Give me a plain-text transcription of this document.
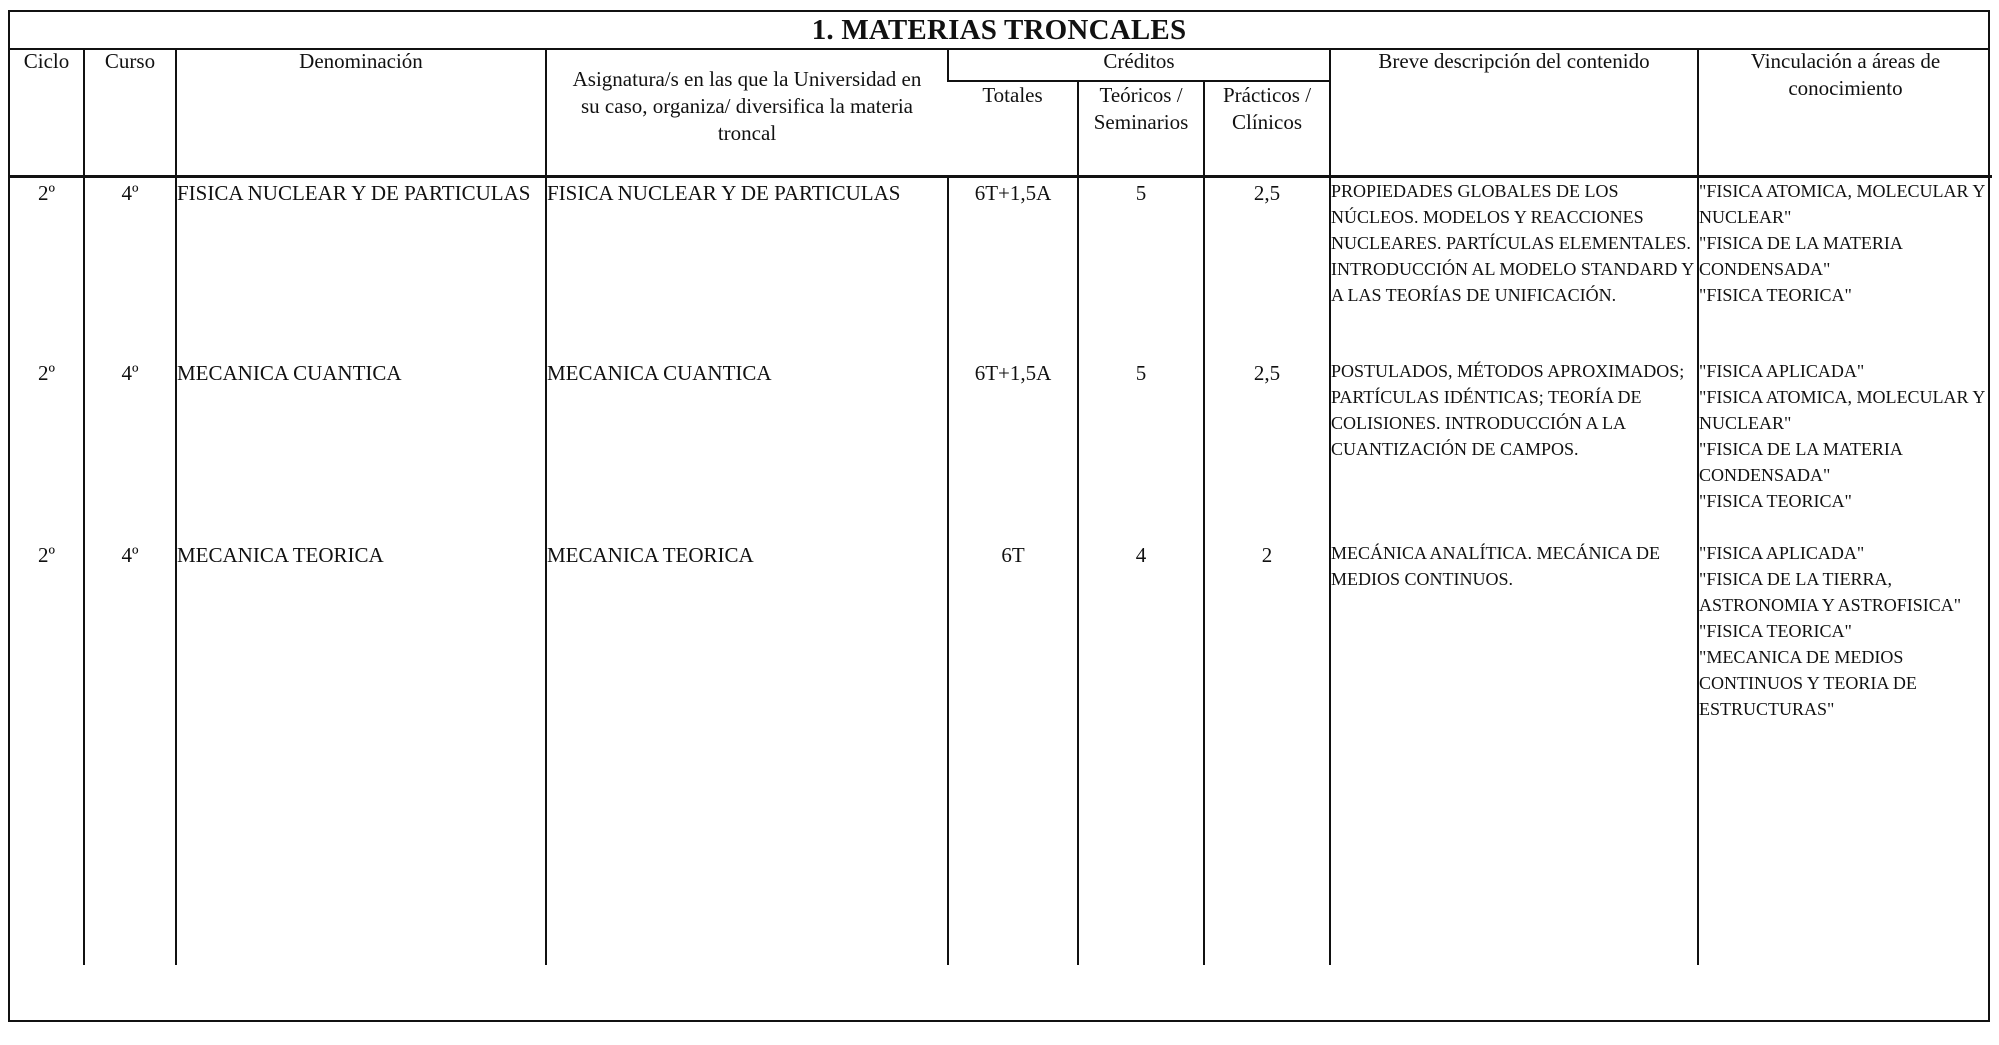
1. MATERIAS TRONCALES
Ciclo	Curso	Denominación	Asignatura/s en las que la Universidad en su caso, organiza/ diversifica la materia troncal	Créditos			Breve descripción del contenido	Vinculación a áreas de conocimiento
				Totales	Teóricos / Seminarios	Prácticos / Clínicos		
2º	4º	FISICA NUCLEAR Y DE PARTICULAS	FISICA NUCLEAR Y DE PARTICULAS	6T+1,5A	5	2,5	PROPIEDADES GLOBALES DE LOS NÚCLEOS. MODELOS Y REACCIONES NUCLEARES. PARTÍCULAS ELEMENTALES. INTRODUCCIÓN AL MODELO STANDARD Y A LAS TEORÍAS DE UNIFICACIÓN.	"FISICA ATOMICA, MOLECULAR Y NUCLEAR"
"FISICA DE LA MATERIA CONDENSADA"
"FISICA TEORICA"

2º	4º	MECANICA CUANTICA	MECANICA CUANTICA	6T+1,5A	5	2,5	POSTULADOS, MÉTODOS APROXIMADOS; PARTÍCULAS IDÉNTICAS; TEORÍA DE COLISIONES. INTRODUCCIÓN A LA CUANTIZACIÓN DE CAMPOS.	"FISICA APLICADA"
"FISICA ATOMICA, MOLECULAR Y NUCLEAR"
"FISICA DE LA MATERIA CONDENSADA"
"FISICA TEORICA"

2º	4º	MECANICA TEORICA	MECANICA TEORICA	6T	4	2	MECÁNICA ANALÍTICA. MECÁNICA DE MEDIOS CONTINUOS.	"FISICA APLICADA"
"FISICA DE LA TIERRA, ASTRONOMIA Y ASTROFISICA"
"FISICA TEORICA"
"MECANICA DE MEDIOS CONTINUOS Y TEORIA DE ESTRUCTURAS"
